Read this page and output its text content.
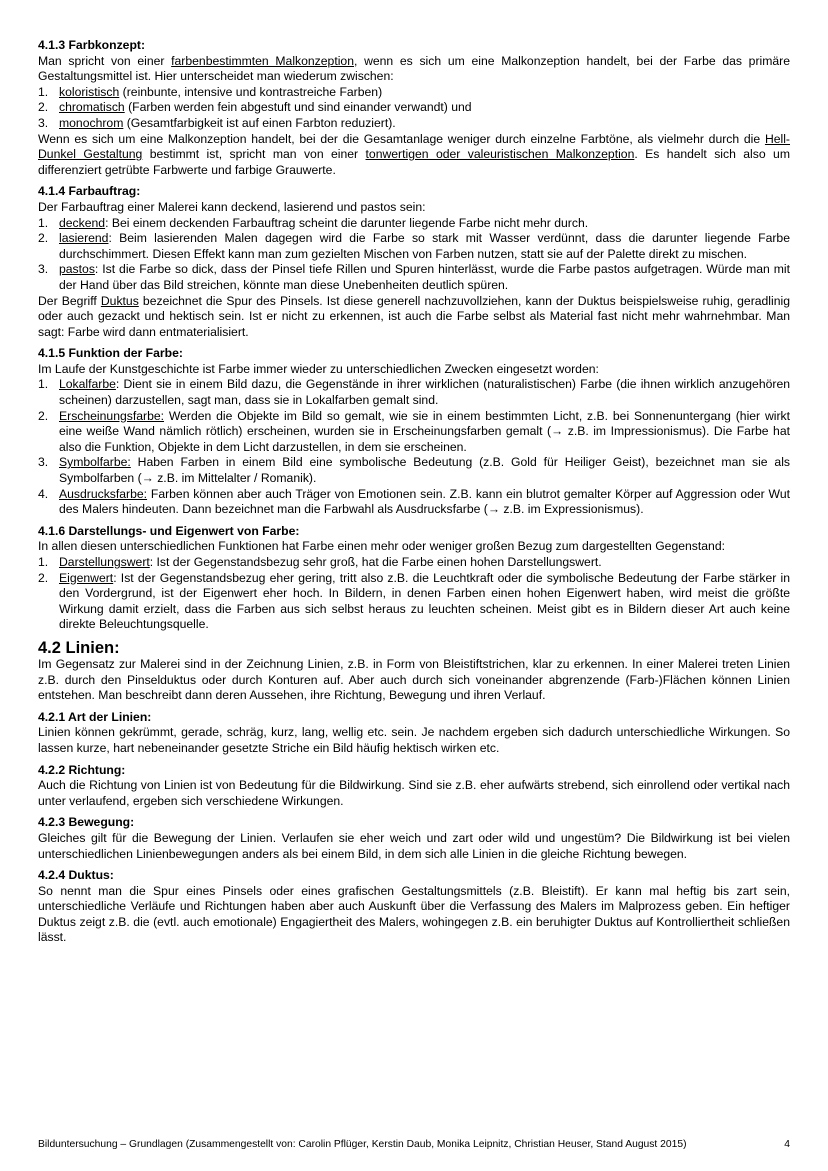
4.1.3 Farbkonzept:

Man spricht von einer farbenbestimmten Malkonzeption, wenn es sich um eine Malkonzeption handelt, bei der Farbe das primäre Gestaltungsmittel ist. Hier unterscheidet man wiederum zwischen:

1. koloristisch (reinbunte, intensive und kontrastreiche Farben)
2. chromatisch (Farben werden fein abgestuft und sind einander verwandt) und
3. monochrom (Gesamtfarbigkeit ist auf einen Farbton reduziert).

Wenn es sich um eine Malkonzeption handelt, bei der die Gesamtanlage weniger durch einzelne Farbtöne, als vielmehr durch die Hell-Dunkel Gestaltung bestimmt ist, spricht man von einer tonwertigen oder valeuristischen Malkonzeption. Es handelt sich also um differenziert getrübte Farbwerte und farbige Grauwerte.

4.1.4 Farbauftrag:

Der Farbauftrag einer Malerei kann deckend, lasierend und pastos sein:

1. deckend: Bei einem deckenden Farbauftrag scheint die darunter liegende Farbe nicht mehr durch.
2. lasierend: Beim lasierenden Malen dagegen wird die Farbe so stark mit Wasser verdünnt, dass die darunter liegende Farbe durchschimmert. Diesen Effekt kann man zum gezielten Mischen von Farben nutzen, statt sie auf der Palette direkt zu mischen.
3. pastos: Ist die Farbe so dick, dass der Pinsel tiefe Rillen und Spuren hinterlässt, wurde die Farbe pastos aufgetragen. Würde man mit der Hand über das Bild streichen, könnte man diese Unebenheiten deutlich spüren.

Der Begriff Duktus bezeichnet die Spur des Pinsels. Ist diese generell nachzuvollziehen, kann der Duktus beispielsweise ruhig, geradlinig oder auch gezackt und hektisch sein. Ist er nicht zu erkennen, ist auch die Farbe selbst als Material fast nicht mehr wahrnehmbar. Man sagt: Farbe wird dann entmaterialisiert.

4.1.5 Funktion der Farbe:

Im Laufe der Kunstgeschichte ist Farbe immer wieder zu unterschiedlichen Zwecken eingesetzt worden:

1. Lokalfarbe: Dient sie in einem Bild dazu, die Gegenstände in ihrer wirklichen (naturalistischen) Farbe (die ihnen wirklich anzugehören scheinen) darzustellen, sagt man, dass sie in Lokalfarben gemalt sind.
2. Erscheinungsfarbe: Werden die Objekte im Bild so gemalt, wie sie in einem bestimmten Licht, z.B. bei Sonnenuntergang (hier wirkt eine weiße Wand nämlich rötlich) erscheinen, wurden sie in Erscheinungsfarben gemalt (→ z.B. im Impressionismus). Die Farbe hat also die Funktion, Objekte in dem Licht darzustellen, in dem sie erscheinen.
3. Symbolfarbe: Haben Farben in einem Bild eine symbolische Bedeutung (z.B. Gold für Heiliger Geist), bezeichnet man sie als Symbolfarben (→ z.B. im Mittelalter / Romanik).
4. Ausdrucksfarbe: Farben können aber auch Träger von Emotionen sein. Z.B. kann ein blutrot gemalter Körper auf Aggression oder Wut des Malers hindeuten. Dann bezeichnet man die Farbwahl als Ausdrucksfarbe (→ z.B. im Expressionismus).
4.1.6 Darstellungs- und Eigenwert von Farbe:

In allen diesen unterschiedlichen Funktionen hat Farbe einen mehr oder weniger großen Bezug zum dargestellten Gegenstand:

1. Darstellungswert: Ist der Gegenstandsbezug sehr groß, hat die Farbe einen hohen Darstellungswert.
2. Eigenwert: Ist der Gegenstandsbezug eher gering, tritt also z.B. die Leuchtkraft oder die symbolische Bedeutung der Farbe stärker in den Vordergrund, ist der Eigenwert eher hoch. In Bildern, in denen Farben einen hohen Eigenwert haben, wird meist die größte Wirkung damit erzielt, dass die Farben aus sich selbst heraus zu leuchten scheinen. Meist gibt es in Bildern dieser Art auch keine direkte Beleuchtungsquelle.
4.2 Linien:

Im Gegensatz zur Malerei sind in der Zeichnung Linien, z.B. in Form von Bleistiftstrichen, klar zu erkennen. In einer Malerei treten Linien z.B. durch den Pinselduktus oder durch Konturen auf. Aber auch durch sich voneinander abgrenzende (Farb-)Flächen können Linien entstehen. Man beschreibt dann deren Aussehen, ihre Richtung, Bewegung und ihren Verlauf.

4.2.1 Art der Linien:

Linien können gekrümmt, gerade, schräg, kurz, lang, wellig etc. sein. Je nachdem ergeben sich dadurch unterschiedliche Wirkungen. So lassen kurze, hart nebeneinander gesetzte Striche ein Bild häufig hektisch wirken etc.

4.2.2 Richtung:

Auch die Richtung von Linien ist von Bedeutung für die Bildwirkung. Sind sie z.B. eher aufwärts strebend, sich einrollend oder vertikal nach unter verlaufend, ergeben sich verschiedene Wirkungen.

4.2.3 Bewegung:

Gleiches gilt für die Bewegung der Linien. Verlaufen sie eher weich und zart oder wild und ungestüm? Die Bildwirkung ist bei vielen unterschiedlichen Linienbewegungen anders als bei einem Bild, in dem sich alle Linien in die gleiche Richtung bewegen.

4.2.4 Duktus:

So nennt man die Spur eines Pinsels oder eines grafischen Gestaltungsmittels (z.B. Bleistift). Er kann mal heftig bis zart sein, unterschiedliche Verläufe und Richtungen haben aber auch Auskunft über die Verfassung des Malers im Malprozess geben. Ein heftiger Duktus zeigt z.B. die (evtl. auch emotionale) Engagiertheit des Malers, wohingegen z.B. ein beruhigter Duktus auf Kontrolliertheit schließen lässt.

Bilduntersuchung – Grundlagen (Zusammengestellt von: Carolin Pflüger, Kerstin Daub, Monika Leipnitz, Christian Heuser, Stand August 2015)	4
